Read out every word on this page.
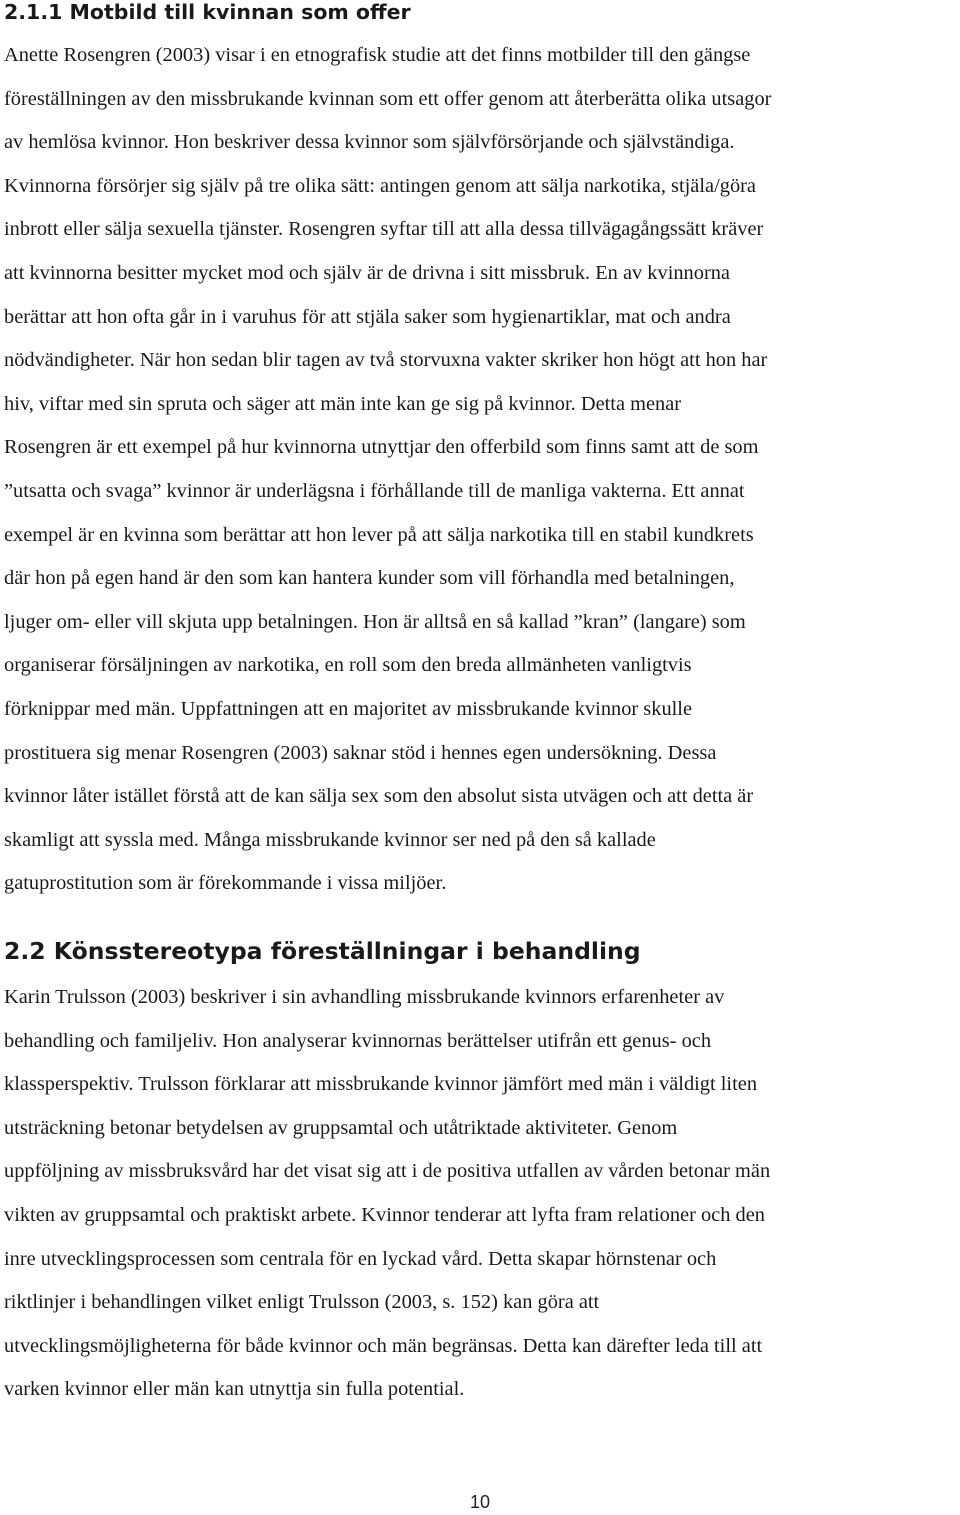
2.1.1 Motbild till kvinnan som offer
Anette Rosengren (2003) visar i en etnografisk studie att det finns motbilder till den gängse
föreställningen av den missbrukande kvinnan som ett offer genom att återberätta olika utsagor
av hemlösa kvinnor. Hon beskriver dessa kvinnor som självförsörjande och självständiga.
Kvinnorna försörjer sig själv på tre olika sätt: antingen genom att sälja narkotika, stjäla/göra
inbrott eller sälja sexuella tjänster. Rosengren syftar till att alla dessa tillvägagångssätt kräver
att kvinnorna besitter mycket mod och själv är de drivna i sitt missbruk. En av kvinnorna
berättar att hon ofta går in i varuhus för att stjäla saker som hygienartiklar, mat och andra
nödvändigheter. När hon sedan blir tagen av två storvuxna vakter skriker hon högt att hon har
hiv, viftar med sin spruta och säger att män inte kan ge sig på kvinnor. Detta menar
Rosengren är ett exempel på hur kvinnorna utnyttjar den offerbild som finns samt att de som
”utsatta och svaga” kvinnor är underlägsna i förhållande till de manliga vakterna. Ett annat
exempel är en kvinna som berättar att hon lever på att sälja narkotika till en stabil kundkrets
där hon på egen hand är den som kan hantera kunder som vill förhandla med betalningen,
ljuger om- eller vill skjuta upp betalningen. Hon är alltså en så kallad ”kran” (langare) som
organiserar försäljningen av narkotika, en roll som den breda allmänheten vanligtvis
förknippar med män. Uppfattningen att en majoritet av missbrukande kvinnor skulle
prostituera sig menar Rosengren (2003) saknar stöd i hennes egen undersökning. Dessa
kvinnor låter istället förstå att de kan sälja sex som den absolut sista utvägen och att detta är
skamligt att syssla med. Många missbrukande kvinnor ser ned på den så kallade
gatuprostitution som är förekommande i vissa miljöer.
2.2 Könsstereotypa föreställningar i behandling
Karin Trulsson (2003) beskriver i sin avhandling missbrukande kvinnors erfarenheter av
behandling och familjeliv. Hon analyserar kvinnornas berättelser utifrån ett genus- och
klassperspektiv. Trulsson förklarar att missbrukande kvinnor jämfört med män i väldigt liten
utsträckning betonar betydelsen av gruppsamtal och utåtriktade aktiviteter. Genom
uppföljning av missbruksvård har det visat sig att i de positiva utfallen av vården betonar män
vikten av gruppsamtal och praktiskt arbete. Kvinnor tenderar att lyfta fram relationer och den
inre utvecklingsprocessen som centrala för en lyckad vård. Detta skapar hörnstenar och
riktlinjer i behandlingen vilket enligt Trulsson (2003, s. 152) kan göra att
utvecklingsmöjligheterna för både kvinnor och män begränsas. Detta kan därefter leda till att
varken kvinnor eller män kan utnyttja sin fulla potential.

10
